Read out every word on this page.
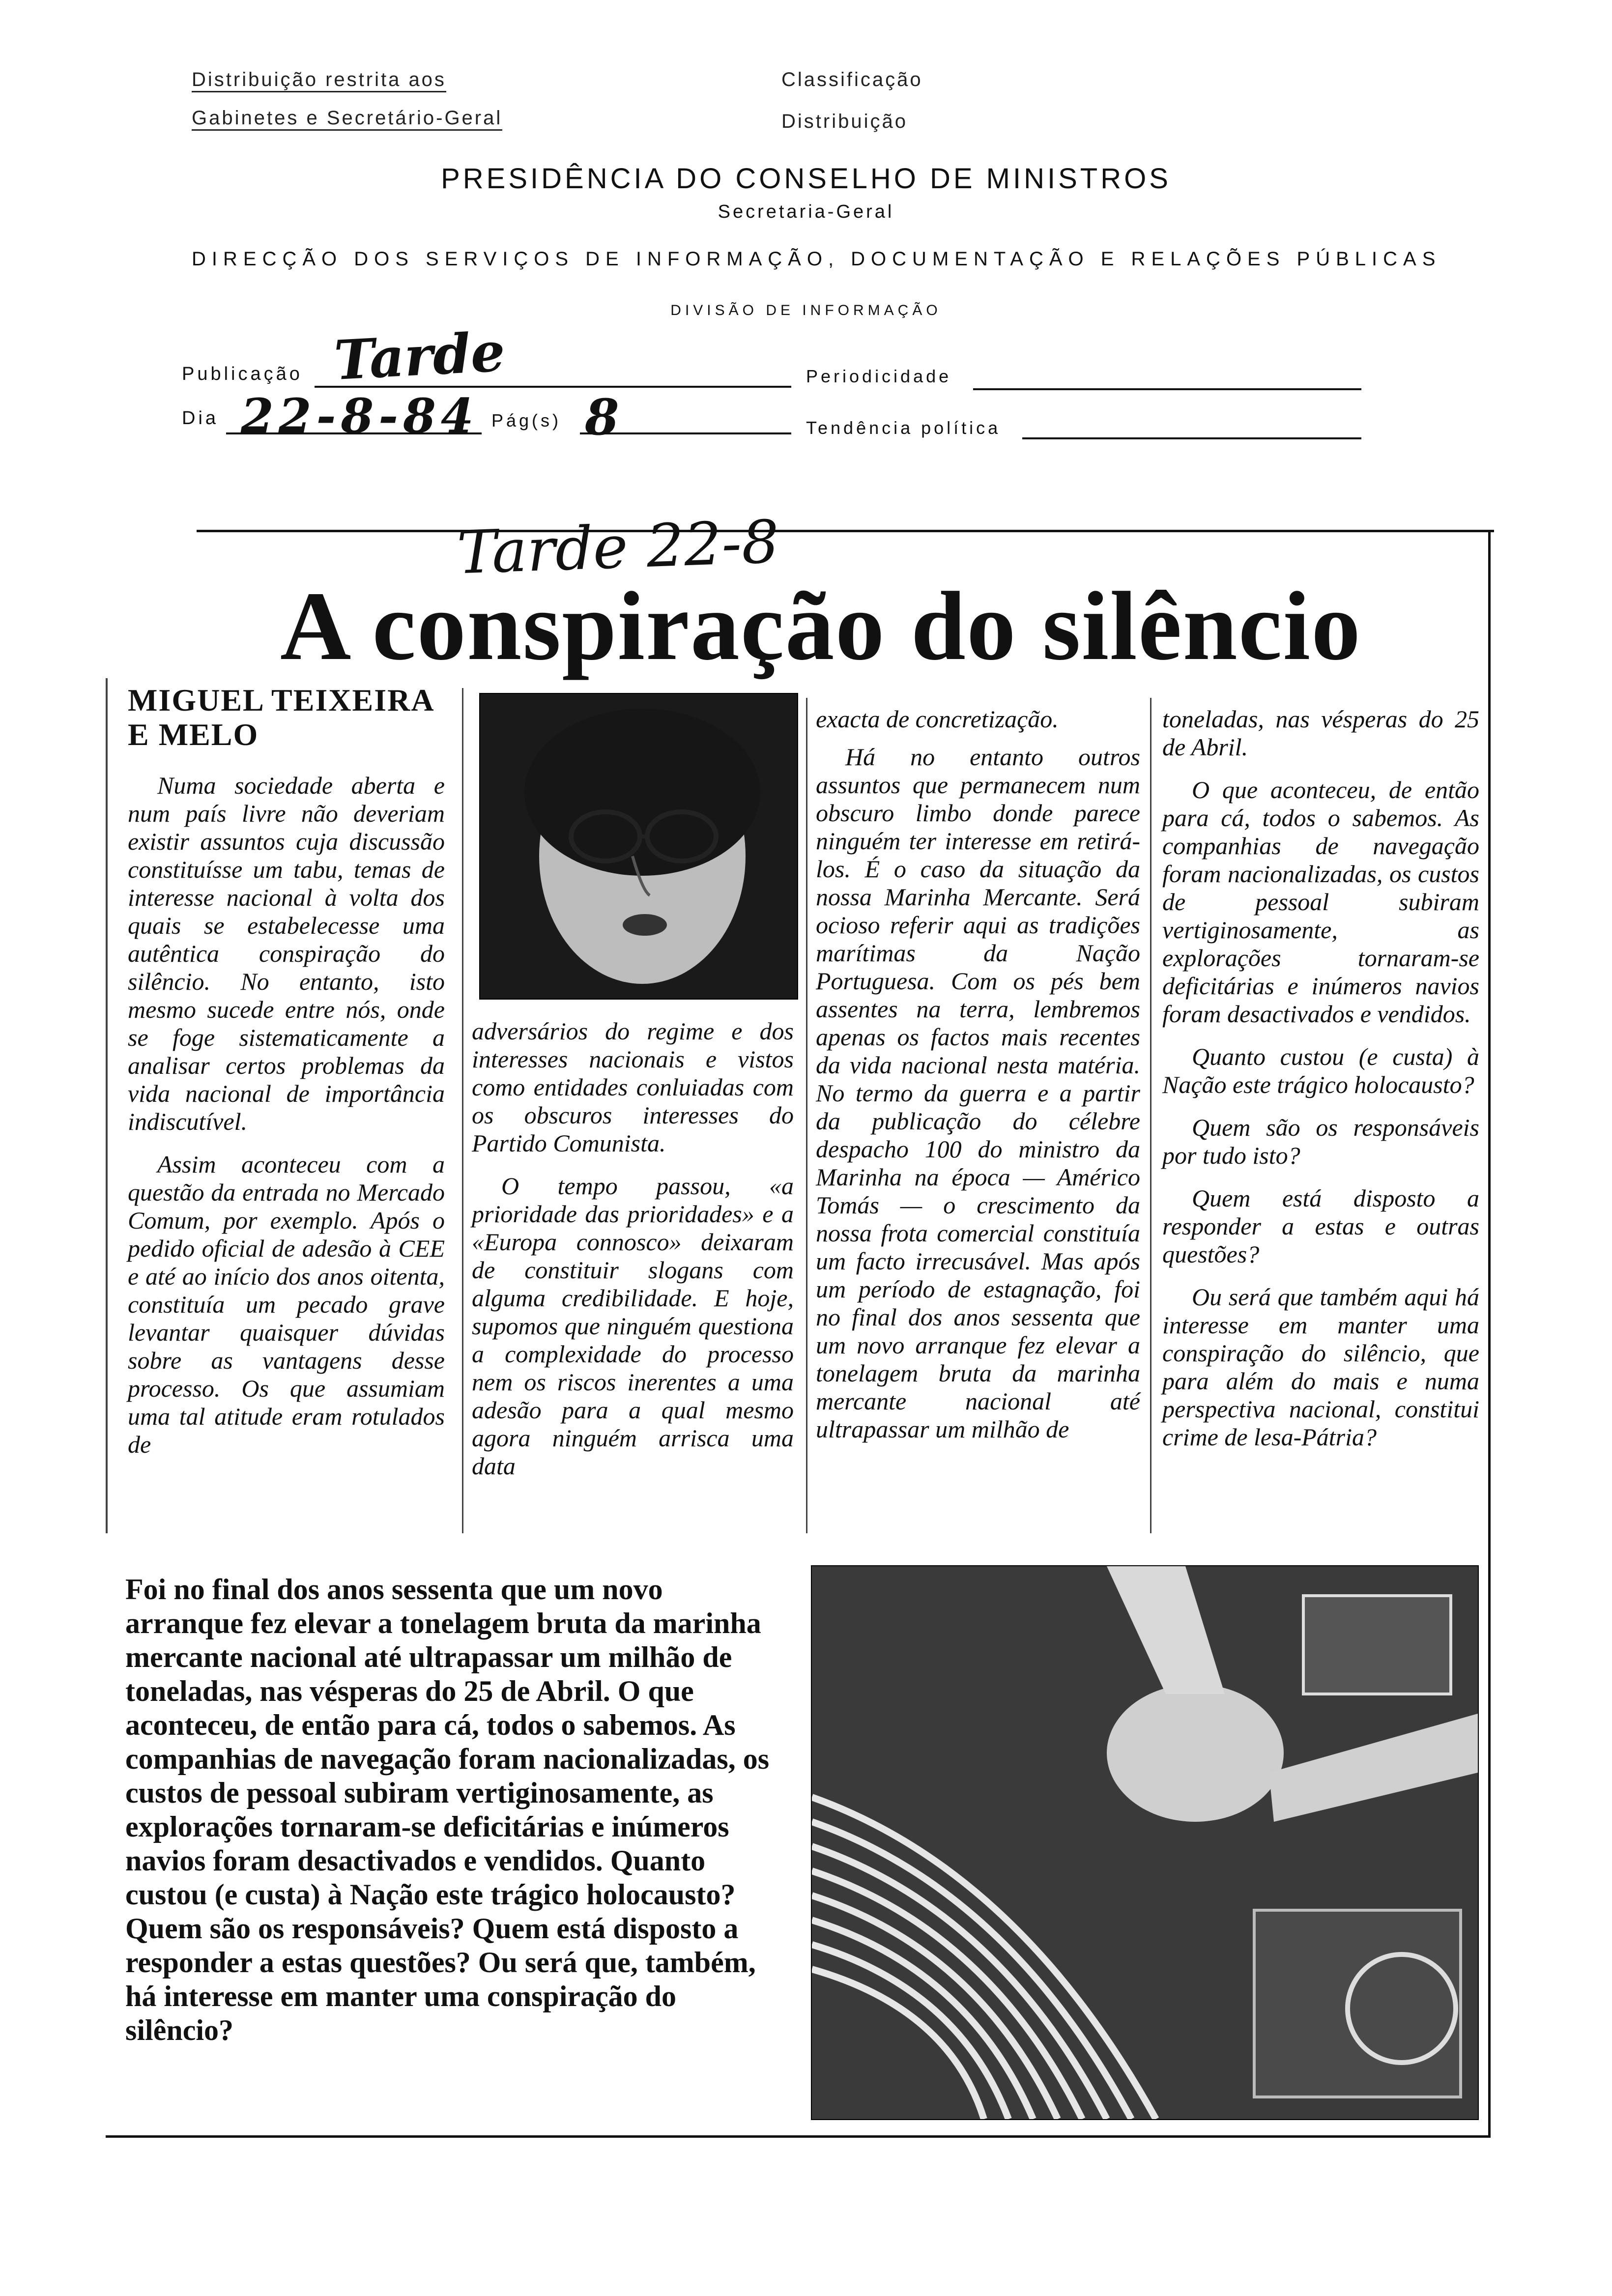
Distribuição restrita aos
Gabinetes e Secretário-Geral
Classificação
Distribuição
PRESIDÊNCIA DO CONSELHO DE MINISTROS
Secretaria-Geral
DIRECÇÃO DOS SERVIÇOS DE INFORMAÇÃO, DOCUMENTAÇÃO E RELAÇÕES PÚBLICAS
DIVISÃO DE INFORMAÇÃO
Publicação Tarde	Periodicidade
Dia 22-8-84 Pág(s) 8	Tendência política
Tarde 22-8
A conspiração do silêncio
MIGUEL TEIXEIRA
E MELO

Numa sociedade aberta e num país livre não deveriam existir assuntos cuja discussão constituísse um tabu, temas de interesse nacional à volta dos quais se estabelecesse uma autêntica conspiração do silêncio. No entanto, isto mesmo sucede entre nós, onde se foge sistematicamente a analisar certos problemas da vida nacional de importância indiscutível.

Assim aconteceu com a questão da entrada no Mercado Comum, por exemplo. Após o pedido oficial de adesão à CEE e até ao início dos anos oitenta, constituía um pecado grave levantar quaisquer dúvidas sobre as vantagens desse processo. Os que assumiam uma tal atitude eram rotulados de

adversários do regime e dos interesses nacionais e vistos como entidades conluiadas com os obscuros interesses do Partido Comunista.

O tempo passou, «a prioridade das prioridades» e a «Europa connosco» deixaram de constituir slogans com alguma credibilidade. E hoje, supomos que ninguém questiona a complexidade do processo nem os riscos inerentes a uma adesão para a qual mesmo agora ninguém arrisca uma data

exacta de concretização.

Há no entanto outros assuntos que permanecem num obscuro limbo donde parece ninguém ter interesse em retirá-los. É o caso da situação da nossa Marinha Mercante. Será ocioso referir aqui as tradições marítimas da Nação Portuguesa. Com os pés bem assentes na terra, lembremos apenas os factos mais recentes da vida nacional nesta matéria. No termo da guerra e a partir da publicação do célebre despacho 100 do ministro da Marinha na época — Américo Tomás — o crescimento da nossa frota comercial constituía um facto irrecusável. Mas após um período de estagnação, foi no final dos anos sessenta que um novo arranque fez elevar a tonelagem bruta da marinha mercante nacional até ultrapassar um milhão de

toneladas, nas vésperas do 25 de Abril.

O que aconteceu, de então para cá, todos o sabemos. As companhias de navegação foram nacionalizadas, os custos de pessoal subiram vertiginosamente, as explorações tornaram-se deficitárias e inúmeros navios foram desactivados e vendidos.

Quanto custou (e custa) à Nação este trágico holocausto?

Quem são os responsáveis por tudo isto?

Quem está disposto a responder a estas e outras questões?

Ou será que também aqui há interesse em manter uma conspiração do silêncio, que para além do mais e numa perspectiva nacional, constitui crime de lesa-Pátria?

Foi no final dos anos sessenta que um novo arranque fez elevar a tonelagem bruta da marinha mercante nacional até ultrapassar um milhão de toneladas, nas vésperas do 25 de Abril. O que aconteceu, de então para cá, todos o sabemos. As companhias de navegação foram nacionalizadas, os custos de pessoal subiram vertiginosamente, as explorações tornaram-se deficitárias e inúmeros navios foram desactivados e vendidos. Quanto custou (e custa) à Nação este trágico holocausto? Quem são os responsáveis? Quem está disposto a responder a estas questões? Ou será que, também, há interesse em manter uma conspiração do silêncio?
